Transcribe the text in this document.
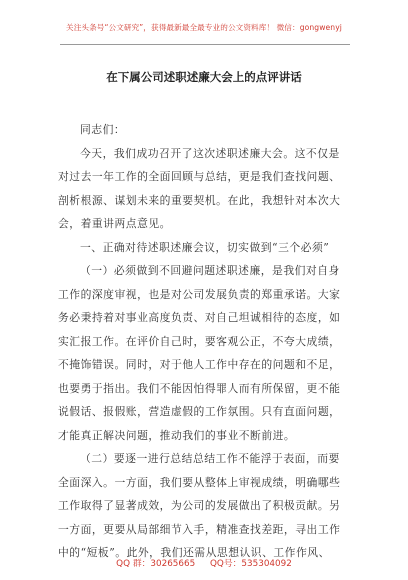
关注头条号“公文研究”，获得最新最全最专业的公文资料库！ 微信：gongwenyj
在下属公司述职述廉大会上的点评讲话
同志们：
今天，我们成功召开了这次述职述廉大会。这不仅是
对过去一年工作的全面回顾与总结，更是我们查找问题、
剖析根源、谋划未来的重要契机。在此，我想针对本次大
会，着重讲两点意见。
一、正确对待述职述廉会议，切实做到“三个必须”
（一）必须做到不回避问题述职述廉，是我们对自身
工作的深度审视，也是对公司发展负责的郑重承诺。大家
务必秉持着对事业高度负责、对自己坦诚相待的态度，如
实汇报工作。在评价自己时，要客观公正，不夸大成绩，
不掩饰错误。同时，对于他人工作中存在的问题和不足，
也要勇于指出。我们不能因怕得罪人而有所保留，更不能
说假话、报假账，营造虚假的工作氛围。只有直面问题，
才能真正解决问题，推动我们的事业不断前进。
（二）要逐一进行总结总结工作不能浮于表面，而要
全面深入。一方面，我们要从整体上审视成绩，明确哪些
工作取得了显著成效，为公司的发展做出了积极贡献。另
一方面，更要从局部细节入手，精准查找差距，寻出工作
中的“短板”。此外，我们还需从思想认识、工作作风、
QQ 群：30265665 QQ号：535304092
